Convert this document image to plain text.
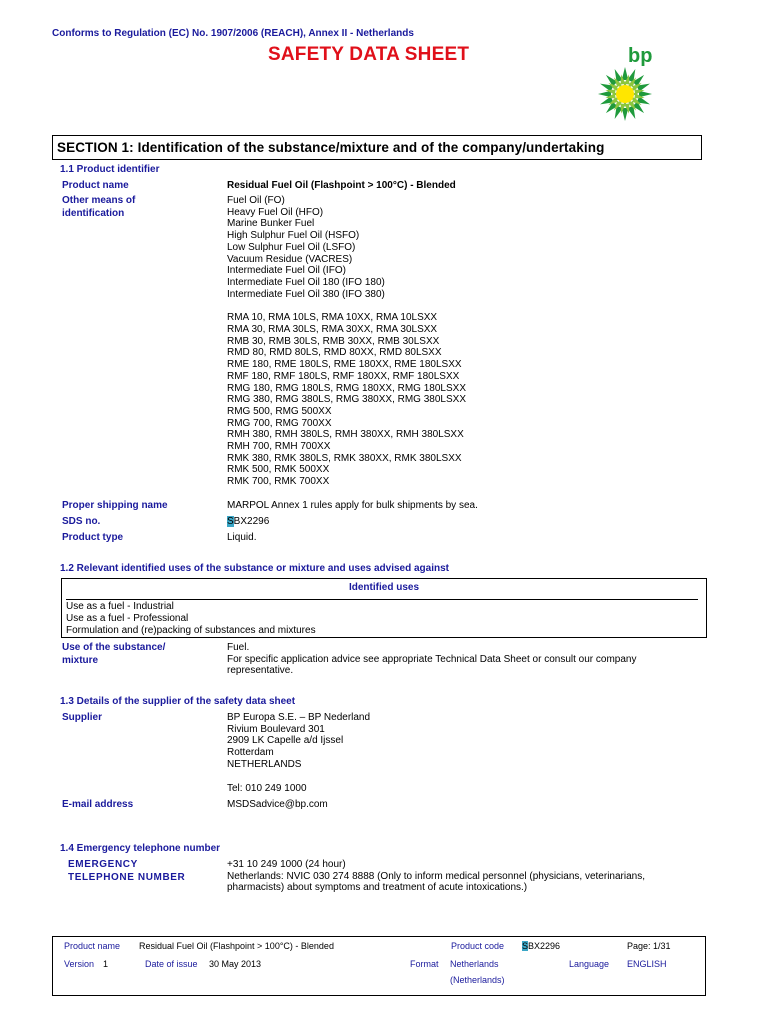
Conforms to Regulation (EC) No. 1907/2006 (REACH), Annex II - Netherlands
SAFETY DATA SHEET	bp
SECTION 1: Identification of the substance/mixture and of the company/undertaking
1.1 Product identifier
Product name	Residual Fuel Oil (Flashpoint > 100°C) - Blended
Other means of identification
Fuel Oil (FO)
Heavy Fuel Oil (HFO)
Marine Bunker Fuel
High Sulphur Fuel Oil (HSFO)
Low Sulphur Fuel Oil (LSFO)
Vacuum Residue (VACRES)
Intermediate Fuel Oil (IFO)
Intermediate Fuel Oil 180 (IFO 180)
Intermediate Fuel Oil 380 (IFO 380)
RMA 10, RMA 10LS, RMA 10XX, RMA 10LSXX
RMA 30, RMA 30LS, RMA 30XX, RMA 30LSXX
RMB 30, RMB 30LS, RMB 30XX, RMB 30LSXX
RMD 80, RMD 80LS, RMD 80XX, RMD 80LSXX
RME 180, RME 180LS, RME 180XX, RME 180LSXX
RMF 180, RMF 180LS, RMF 180XX, RMF 180LSXX
RMG 180, RMG 180LS, RMG 180XX, RMG 180LSXX
RMG 380, RMG 380LS, RMG 380XX, RMG 380LSXX
RMG 500, RMG 500XX
RMG 700, RMG 700XX
RMH 380, RMH 380LS, RMH 380XX, RMH 380LSXX
RMH 700, RMH 700XX
RMK 380, RMK 380LS, RMK 380XX, RMK 380LSXX
RMK 500, RMK 500XX
RMK 700, RMK 700XX
Proper shipping name	MARPOL Annex 1 rules apply for bulk shipments by sea.
SDS no.	SBX2296
Product type	Liquid.
1.2 Relevant identified uses of the substance or mixture and uses advised against
Identified uses
Use as a fuel - Industrial
Use as a fuel - Professional
Formulation and (re)packing of substances and mixtures
Use of the substance/ mixture
Fuel.
For specific application advice see appropriate Technical Data Sheet or consult our company
representative.
1.3 Details of the supplier of the safety data sheet
Supplier	BP Europa S.E. – BP Nederland
Rivium Boulevard 301
2909 LK Capelle a/d Ijssel
Rotterdam
NETHERLANDS
Tel: 010 249 1000
E-mail address	MSDSadvice@bp.com
1.4 Emergency telephone number
EMERGENCY
TELEPHONE NUMBER
+31 10 249 1000 (24 hour)
Netherlands: NVIC 030 274 8888 (Only to inform medical personnel (physicians, veterinarians,
pharmacists) about symptoms and treatment of acute intoxications.)
Product name Residual Fuel Oil (Flashpoint > 100°C) - Blended	Product code SBX2296	Page: 1/31
Version 1	Date of issue 30 May 2013	Format Netherlands
(Netherlands)
Language ENGLISH
